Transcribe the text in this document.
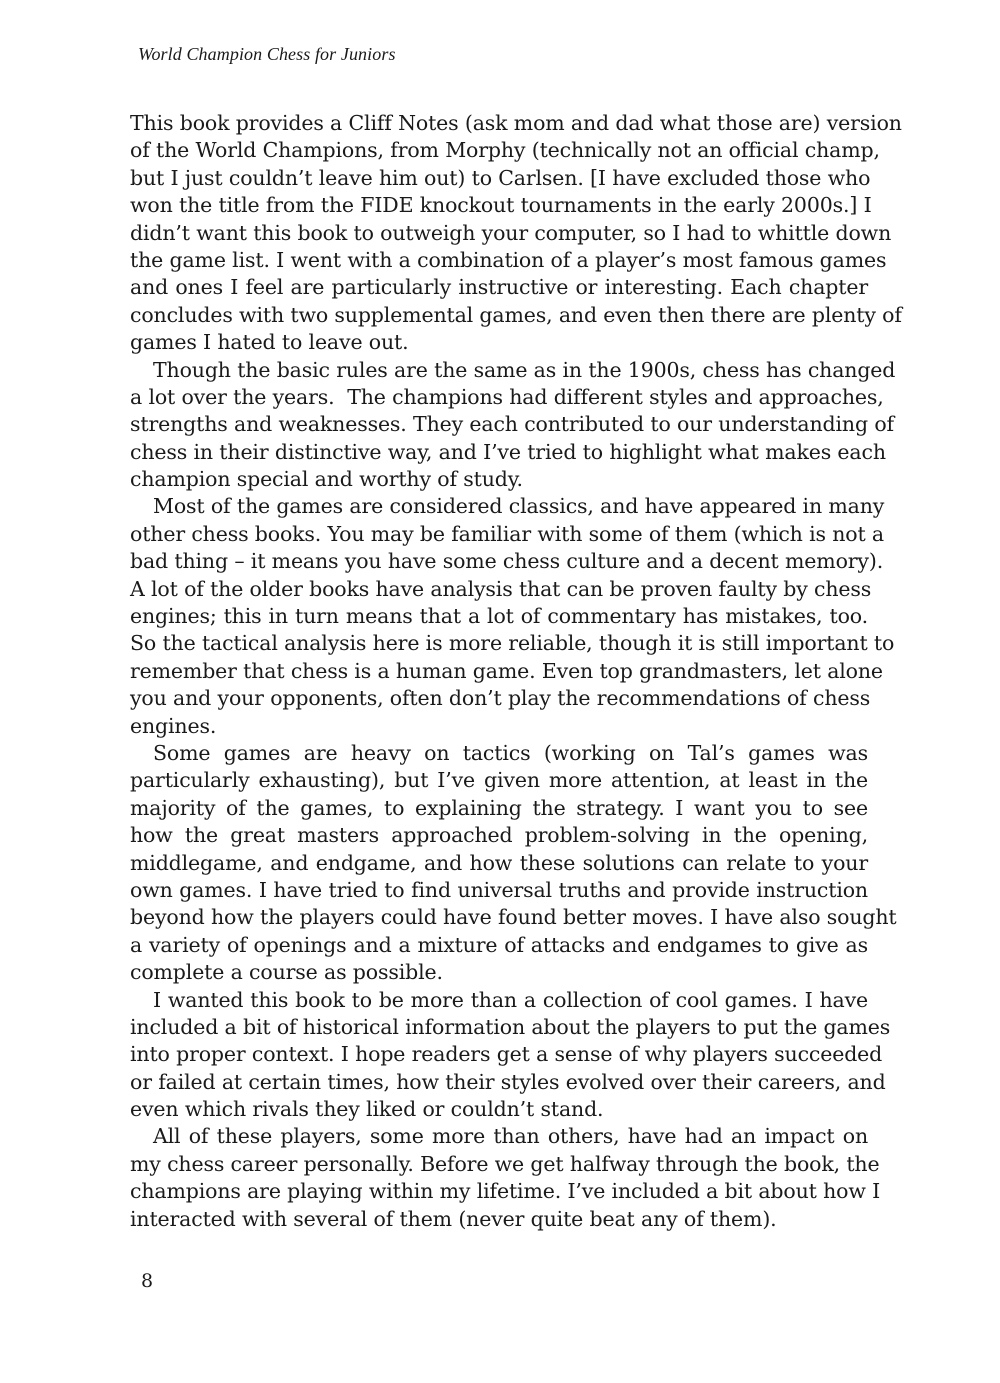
World Champion Chess for Juniors
This book provides a Cliff Notes (ask mom and dad what those are) version
of the World Champions, from Morphy (technically not an official champ,
but I just couldn’t leave him out) to Carlsen. [I have excluded those who
won the title from the FIDE knockout tournaments in the early 2000s.] I
didn’t want this book to outweigh your computer, so I had to whittle down
the game list. I went with a combination of a player’s most famous games
and ones I feel are particularly instructive or interesting. Each chapter
concludes with two supplemental games, and even then there are plenty of
games I hated to leave out.
Though the basic rules are the same as in the 1900s, chess has changed
a lot over the years.  The champions had different styles and approaches,
strengths and weaknesses. They each contributed to our understanding of
chess in their distinctive way, and I’ve tried to highlight what makes each
champion special and worthy of study.
Most of the games are considered classics, and have appeared in many
other chess books. You may be familiar with some of them (which is not a
bad thing – it means you have some chess culture and a decent memory).
A lot of the older books have analysis that can be proven faulty by chess
engines; this in turn means that a lot of commentary has mistakes, too.
So the tactical analysis here is more reliable, though it is still important to
remember that chess is a human game. Even top grandmasters, let alone
you and your opponents, often don’t play the recommendations of chess
engines.
Some games are heavy on tactics (working on Tal’s games was
particularly exhausting), but I’ve given more attention, at least in the
majority of the games, to explaining the strategy. I want you to see
how the great masters approached problem-solving in the opening,
middlegame, and endgame, and how these solutions can relate to your
own games. I have tried to find universal truths and provide instruction
beyond how the players could have found better moves. I have also sought
a variety of openings and a mixture of attacks and endgames to give as
complete a course as possible.
I wanted this book to be more than a collection of cool games. I have
included a bit of historical information about the players to put the games
into proper context. I hope readers get a sense of why players succeeded
or failed at certain times, how their styles evolved over their careers, and
even which rivals they liked or couldn’t stand.
All of these players, some more than others, have had an impact on
my chess career personally. Before we get halfway through the book, the
champions are playing within my lifetime. I’ve included a bit about how I
interacted with several of them (never quite beat any of them).
8
